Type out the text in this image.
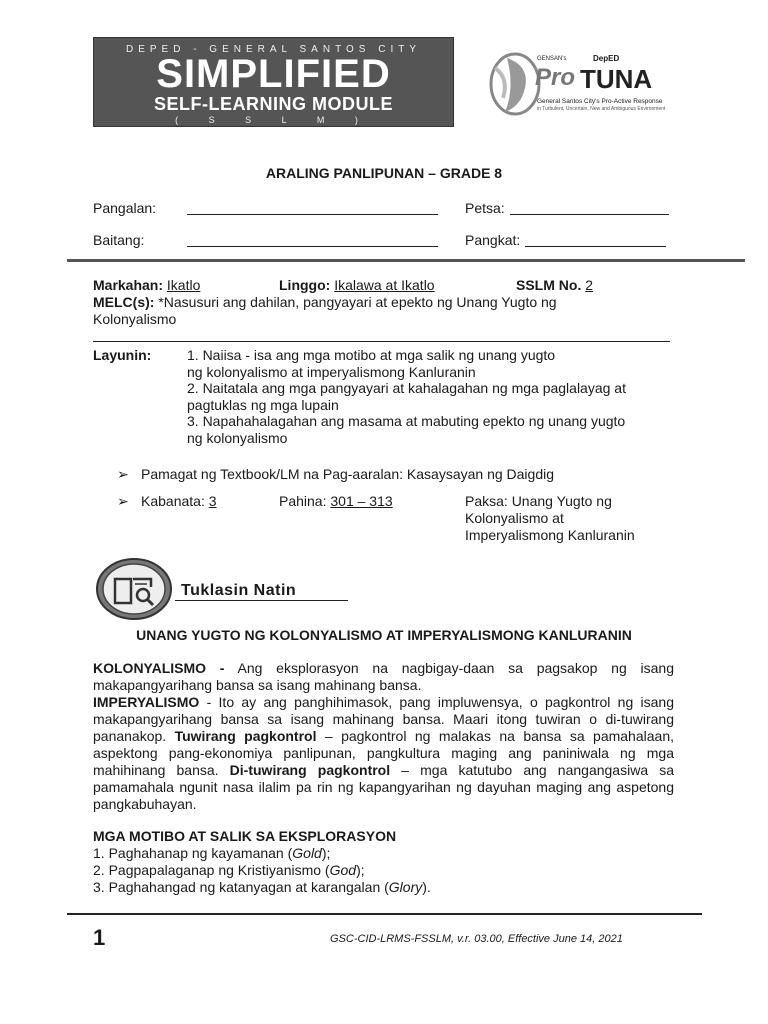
DEPED - GENERAL SANTOS CITY
SIMPLIFIED
SELF-LEARNING MODULE
( S S L M )
GENSAN's	DepED
Pro TUNA
General Santos City's Pro-Active Response
in Turbulent, Uncertain, New and Ambiguous Environment
ARALING PANLIPUNAN – GRADE 8
Pangalan:	Petsa:
Baitang:	Pangkat:
Markahan: Ikatlo	Linggo: Ikalawa at Ikatlo	SSLM No. 2
MELC(s): *Nasusuri ang dahilan, pangyayari at epekto ng Unang Yugto ng
Kolonyalismo
Layunin:	1. Naiisa - isa ang mga motibo at mga salik ng unang yugto
ng kolonyalismo at imperyalismong Kanluranin
2. Naitatala ang mga pangyayari at kahalagahan ng mga paglalayag at
pagtuklas ng mga lupain
3. Napahahalagahan ang masama at mabuting epekto ng unang yugto
ng kolonyalismo
➢ Pamagat ng Textbook/LM na Pag-aaralan: Kasaysayan ng Daigdig
➢ Kabanata: 3	Pahina: 301 – 313	Paksa: Unang Yugto ng
Kolonyalismo at
Imperyalismong Kanluranin
Tuklasin Natin
UNANG YUGTO NG KOLONYALISMO AT IMPERYALISMONG KANLURANIN
KOLONYALISMO - Ang eksplorasyon na nagbigay-daan sa pagsakop ng isang makapangyarihang bansa sa isang mahinang bansa.
IMPERYALISMO - Ito ay ang panghihimasok, pang impluwensya, o pagkontrol ng isang makapangyarihang bansa sa isang mahinang bansa. Maari itong tuwiran o di-tuwirang pananakop. Tuwirang pagkontrol – pagkontrol ng malakas na bansa sa pamahalaan, aspektong pang-ekonomiya panlipunan, pangkultura maging ang paniniwala ng mga mahihinang bansa. Di-tuwirang pagkontrol – mga katutubo ang nangangasiwa sa pamamahala ngunit nasa ilalim pa rin ng kapangyarihan ng dayuhan maging ang aspetong pangkabuhayan.
MGA MOTIBO AT SALIK SA EKSPLORASYON
1. Paghahanap ng kayamanan (Gold);
2. Pagpapalaganap ng Kristiyanismo (God);
3. Paghahangad ng katanyagan at karangalan (Glory).
1	GSC-CID-LRMS-FSSLM, v.r. 03.00, Effective June 14, 2021
